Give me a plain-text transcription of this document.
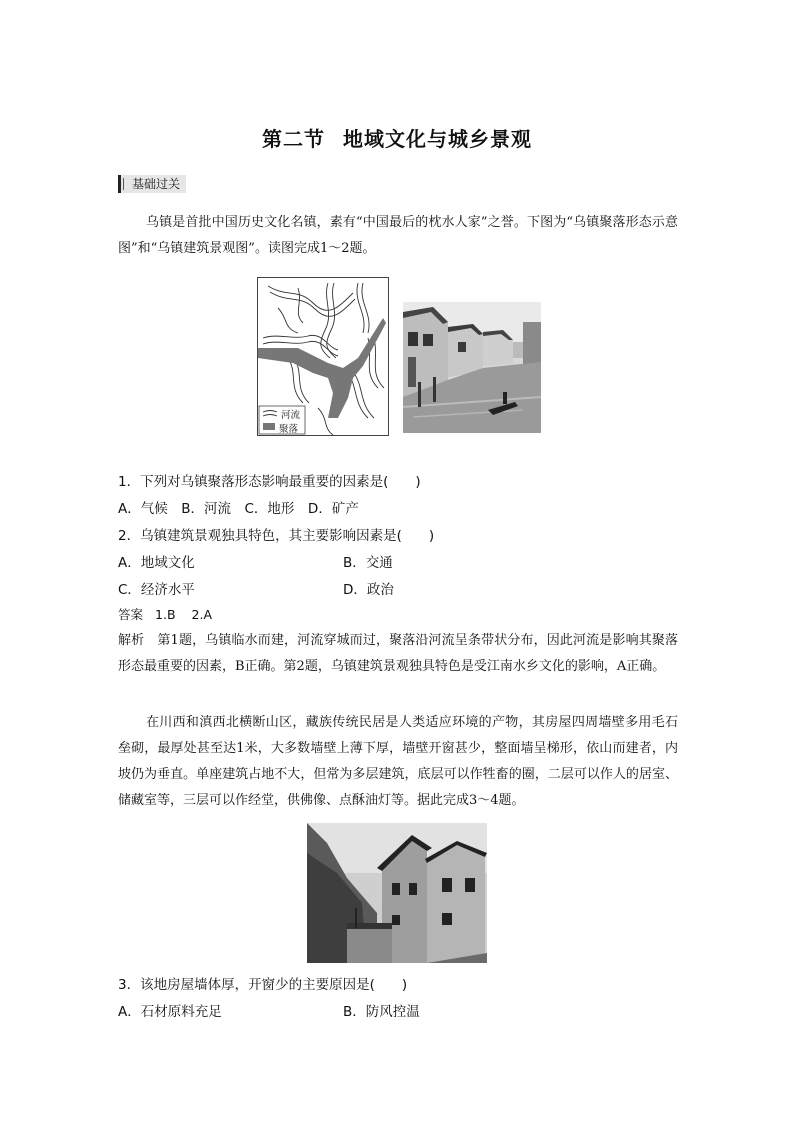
第二节 地域文化与城乡景观
基础过关
乌镇是首批中国历史文化名镇，素有“中国最后的枕水人家”之誉。下图为“乌镇聚落形态示意图”和“乌镇建筑景观图”。读图完成1～2题。
河流
聚落
1．下列对乌镇聚落形态影响最重要的因素是(　　)
A．气候　B．河流　C．地形　D．矿产
2．乌镇建筑景观独具特色，其主要影响因素是(　　)
A．地域文化	B．交通
C．经济水平	D．政治
答案 1.B 2.A
解析　第1题，乌镇临水而建，河流穿城而过，聚落沿河流呈条带状分布，因此河流是影响其聚落形态最重要的因素，B正确。第2题，乌镇建筑景观独具特色是受江南水乡文化的影响，A正确。
在川西和滇西北横断山区，藏族传统民居是人类适应环境的产物，其房屋四周墙壁多用毛石垒砌，最厚处甚至达1米，大多数墙壁上薄下厚，墙壁开窗甚少，整面墙呈梯形，依山而建者，内坡仍为垂直。单座建筑占地不大，但常为多层建筑，底层可以作牲畜的圈，二层可以作人的居室、储藏室等，三层可以作经堂，供佛像、点酥油灯等。据此完成3～4题。
3．该地房屋墙体厚，开窗少的主要原因是(　　)
A．石材原料充足	B．防风控温
